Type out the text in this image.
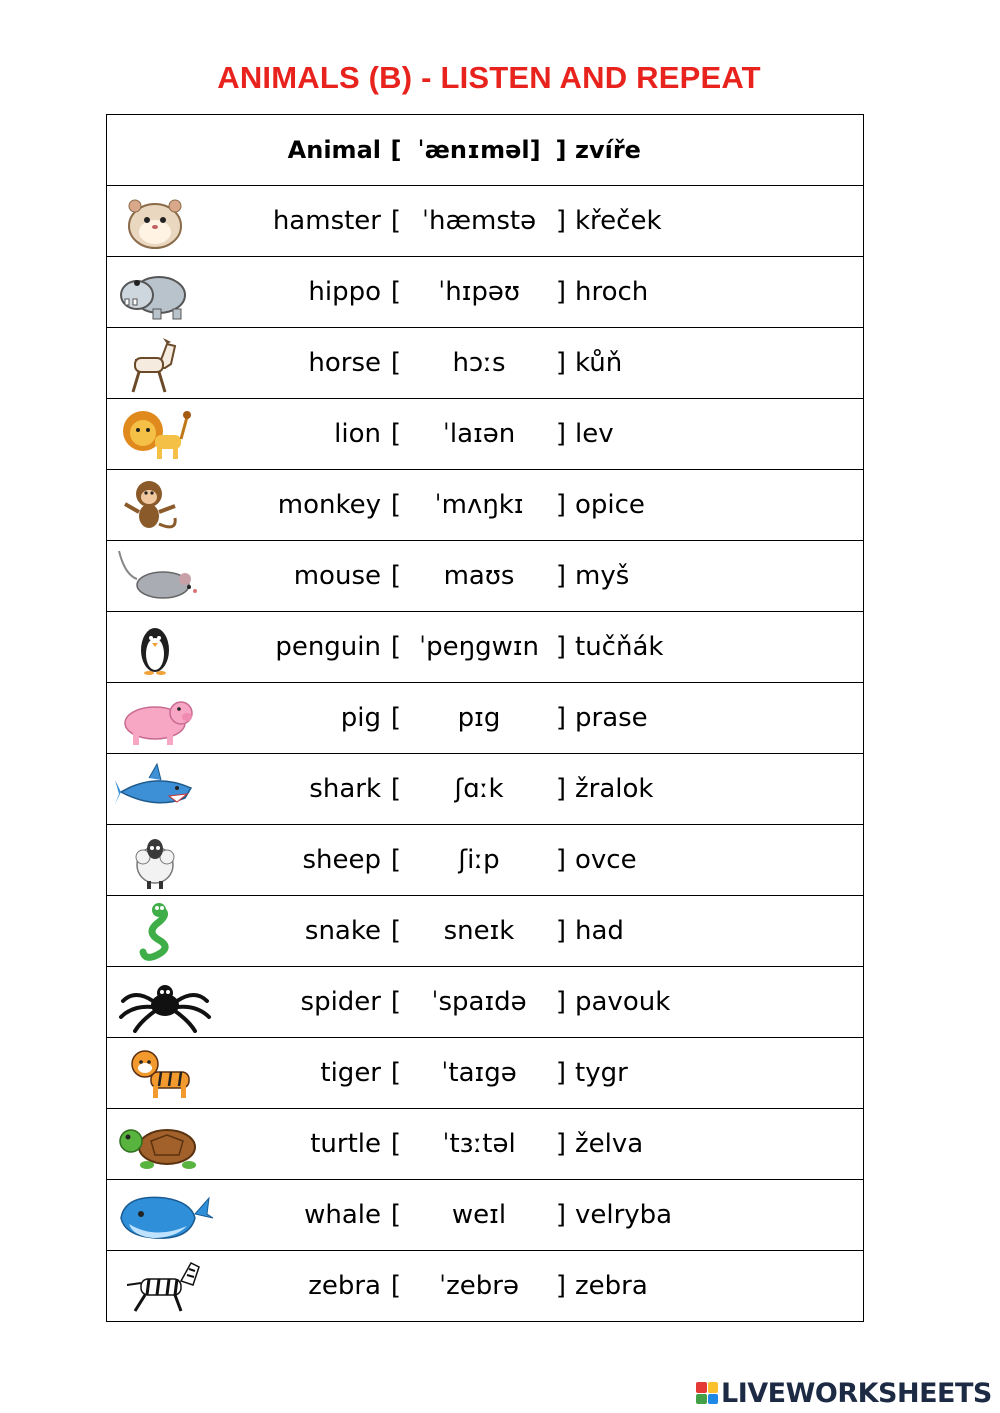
ANIMALS (B) - LISTEN AND REPEAT
	Animal	[	ˈænɪməl]	]	zvíře

	hamster	[	ˈhæmstə	]	křeček

	hippo	[	ˈhɪpəʊ	]	hroch

	horse	[	hɔːs	]	kůň

	lion	[	ˈlaɪən	]	lev

	monkey	[	ˈmʌŋkɪ	]	opice

	mouse	[	maʊs	]	myš

	penguin	[	ˈpeŋgwɪn	]	tučňák

	pig	[	pɪg	]	prase

	shark	[	ʃɑːk	]	žralok

	sheep	[	ʃiːp	]	ovce

	snake	[	sneɪk	]	had

	spider	[	ˈspaɪdə	]	pavouk

	tiger	[	ˈtaɪgə	]	tygr

	turtle	[	ˈtɜːtəl	]	želva

	whale	[	weɪl	]	velryba

	zebra	[	ˈzebrə	]	zebra
LIVEWORKSHEETS
